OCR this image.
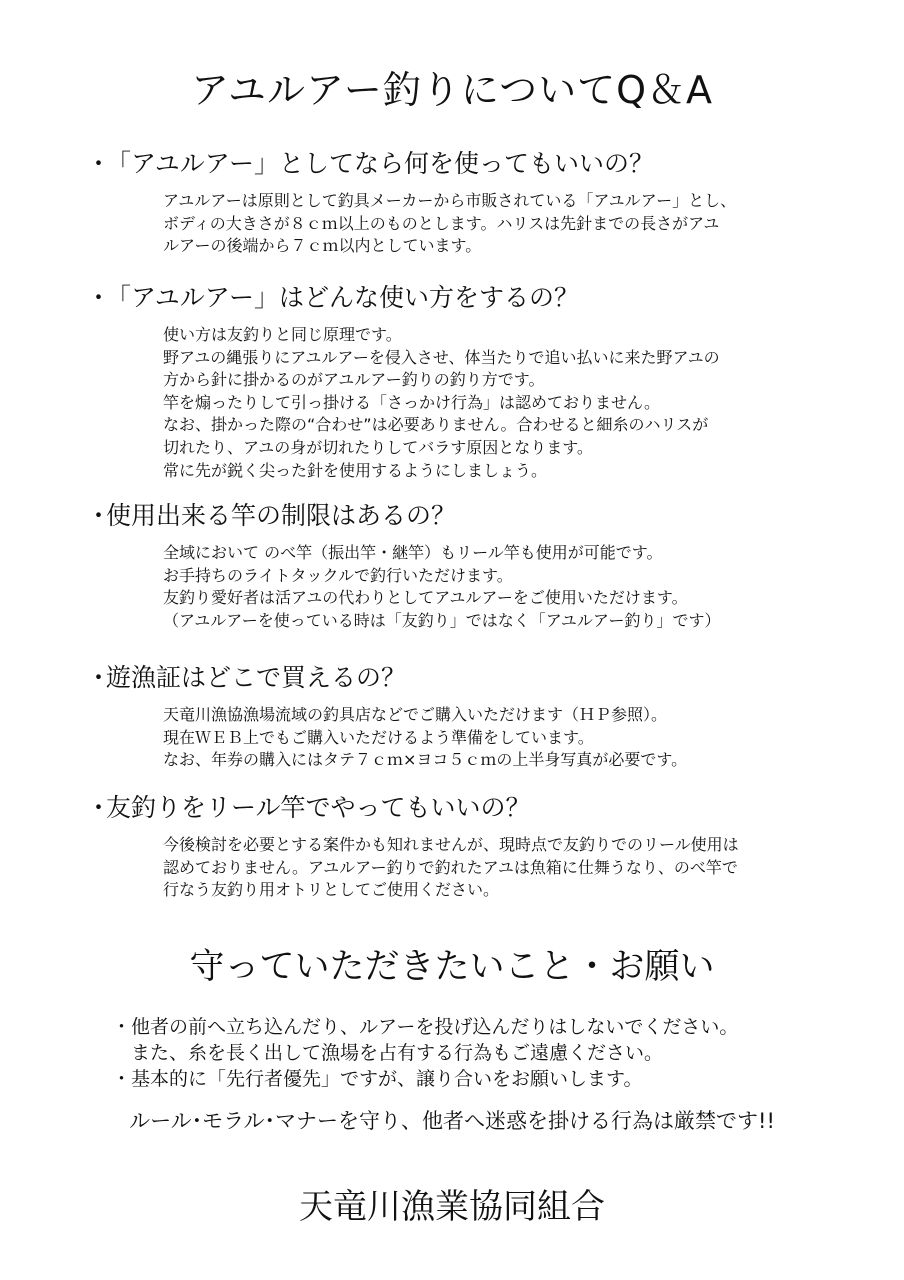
アユルアー釣りについてQ＆A
・「アユルアー」としてなら何を使ってもいいの？
アユルアーは原則として釣具メーカーから市販されている「アユルアー」とし、
ボディの大きさが８ｃｍ以上のものとします。ハリスは先針までの長さがアユ
ルアーの後端から７ｃｍ以内としています。
・「アユルアー」はどんな使い方をするの？
使い方は友釣りと同じ原理です。
野アユの縄張りにアユルアーを侵入させ、体当たりで追い払いに来た野アユの
方から針に掛かるのがアユルアー釣りの釣り方です。
竿を煽ったりして引っ掛ける「さっかけ行為」は認めておりません。
なお、掛かった際の“合わせ”は必要ありません。合わせると細糸のハリスが
切れたり、アユの身が切れたりしてバラす原因となります。
常に先が鋭く尖った針を使用するようにしましょう。
・使用出来る竿の制限はあるの？
全域において のべ竿（振出竿・継竿）もリール竿も使用が可能です。
お手持ちのライトタックルで釣行いただけます。
友釣り愛好者は活アユの代わりとしてアユルアーをご使用いただけます。
（アユルアーを使っている時は「友釣り」ではなく「アユルアー釣り」です）
・遊漁証はどこで買えるの？
天竜川漁協漁場流域の釣具店などでご購入いただけます（ＨＰ参照）。
現在ＷＥＢ上でもご購入いただけるよう準備をしています。
なお、年券の購入にはタテ７ｃｍ×ヨコ５ｃｍの上半身写真が必要です。
・友釣りをリール竿でやってもいいの？
今後検討を必要とする案件かも知れませんが、現時点で友釣りでのリール使用は
認めておりません。アユルアー釣りで釣れたアユは魚箱に仕舞うなり、のべ竿で
行なう友釣り用オトリとしてご使用ください。
守っていただきたいこと・お願い
・他者の前へ立ち込んだり、ルアーを投げ込んだりはしないでください。
　また、糸を長く出して漁場を占有する行為もご遠慮ください。
・基本的に「先行者優先」ですが、譲り合いをお願いします。
ルール･モラル･マナーを守り、他者へ迷惑を掛ける行為は厳禁です!!
天竜川漁業協同組合
